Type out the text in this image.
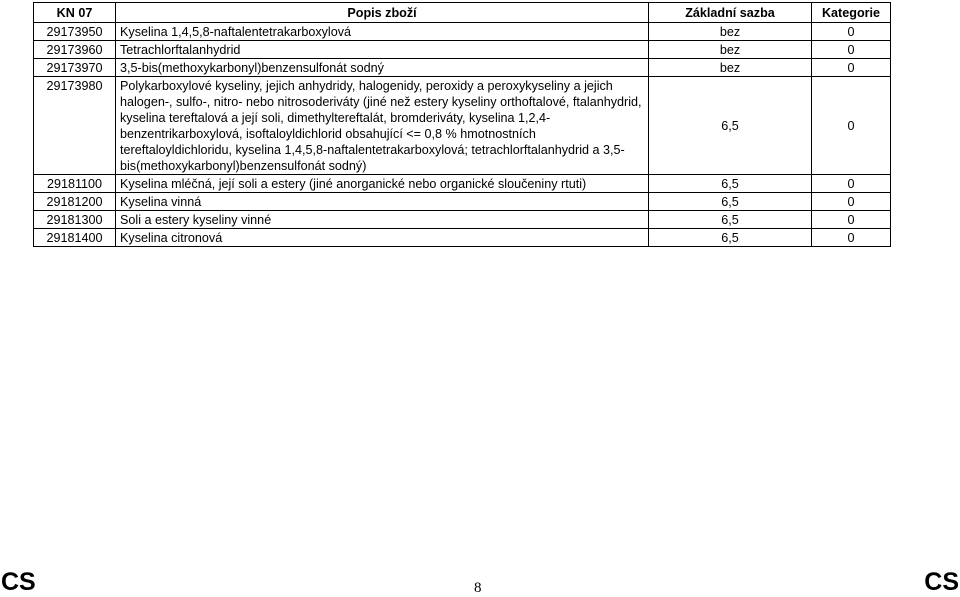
KN 07	Popis zboží	Základní sazba	Kategorie
29173950	Kyselina 1,4,5,8-naftalentetrakarboxylová	bez	0
29173960	Tetrachlorftalanhydrid	bez	0
29173970	3,5-bis(methoxykarbonyl)benzensulfonát sodný	bez	0
29173980	Polykarboxylové kyseliny, jejich anhydridy, halogenidy, peroxidy a peroxykyseliny a jejich halogen-, sulfo-, nitro- nebo nitrosoderiváty (jiné než estery kyseliny orthoftalové, ftalanhydrid, kyselina tereftalová a její soli, dimethyltereftalát, bromderiváty, kyselina 1,2,4-benzentrikarboxylová, isoftaloyldichlorid obsahující <= 0,8 % hmotnostních tereftaloyldichloridu, kyselina 1,4,5,8-naftalentetrakarboxylová; tetrachlorftalanhydrid a 3,5-bis(methoxykarbonyl)benzensulfonát sodný)	6,5	0
29181100	Kyselina mléčná, její soli a estery (jiné anorganické nebo organické sloučeniny rtuti)	6,5	0
29181200	Kyselina vinná	6,5	0
29181300	Soli a estery kyseliny vinné	6,5	0
29181400	Kyselina citronová	6,5	0
CS	8	CS
